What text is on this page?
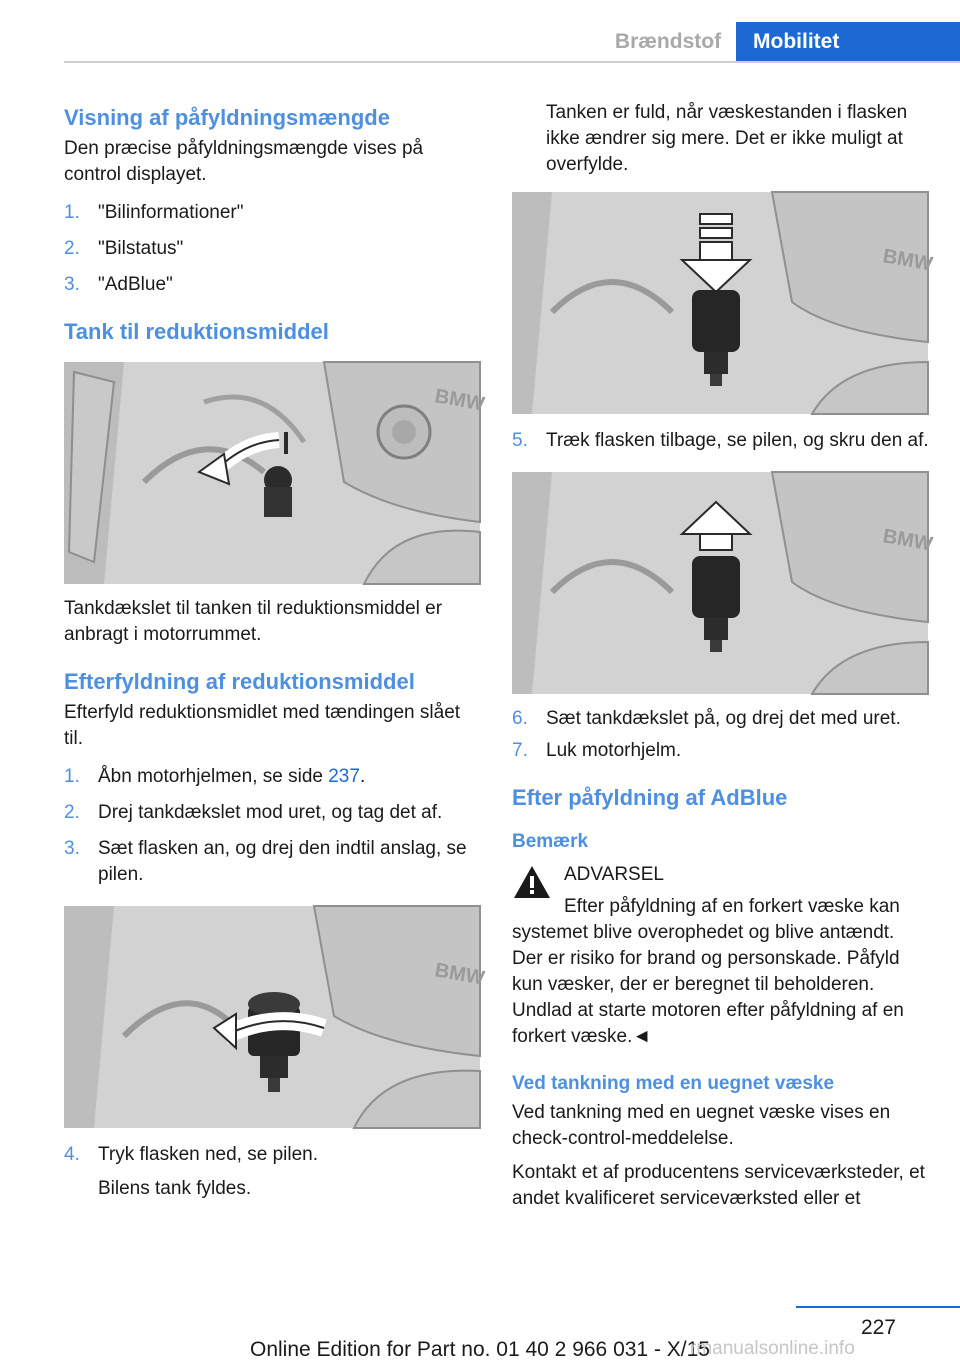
Brændstof	Mobilitet
Visning af påfyldningsmængde
Den præcise påfyldningsmængde vises på control displayet.
1. "Bilinformationer"
2. "Bilstatus"
3. "AdBlue"
Tank til reduktionsmiddel
BMW
Tankdækslet til tanken til reduktionsmiddel er anbragt i motorrummet.
Efterfyldning af reduktionsmiddel
Efterfyld reduktionsmidlet med tændingen slået til.
1. Åbn motorhjelmen, se side 237.
2. Drej tankdækslet mod uret, og tag det af.
3. Sæt flasken an, og drej den indtil anslag, se pilen.
BMW
4. Tryk flasken ned, se pilen.
Bilens tank fyldes.
Tanken er fuld, når væskestanden i flasken ikke ændrer sig mere. Det er ikke muligt at overfylde.
BMW
5. Træk flasken tilbage, se pilen, og skru den af.
BMW
6. Sæt tankdækslet på, og drej det med uret.
7. Luk motorhjelm.
Efter påfyldning af AdBlue
Bemærk
ADVARSEL
Efter påfyldning af en forkert væske kan
systemet blive overophedet og blive antændt. Der er risiko for brand og personskade. Påfyld kun væsker, der er beregnet til beholderen. Undlad at starte motoren efter påfyldning af en forkert væske.◄
Ved tankning med en uegnet væske
Ved tankning med en uegnet væske vises en check-control-meddelelse.
Kontakt et af producentens serviceværksteder, et andet kvalificeret serviceværksted eller et
227
Online Edition for Part no. 01 40 2 966 031 - X/15
rmanualsonline.info
